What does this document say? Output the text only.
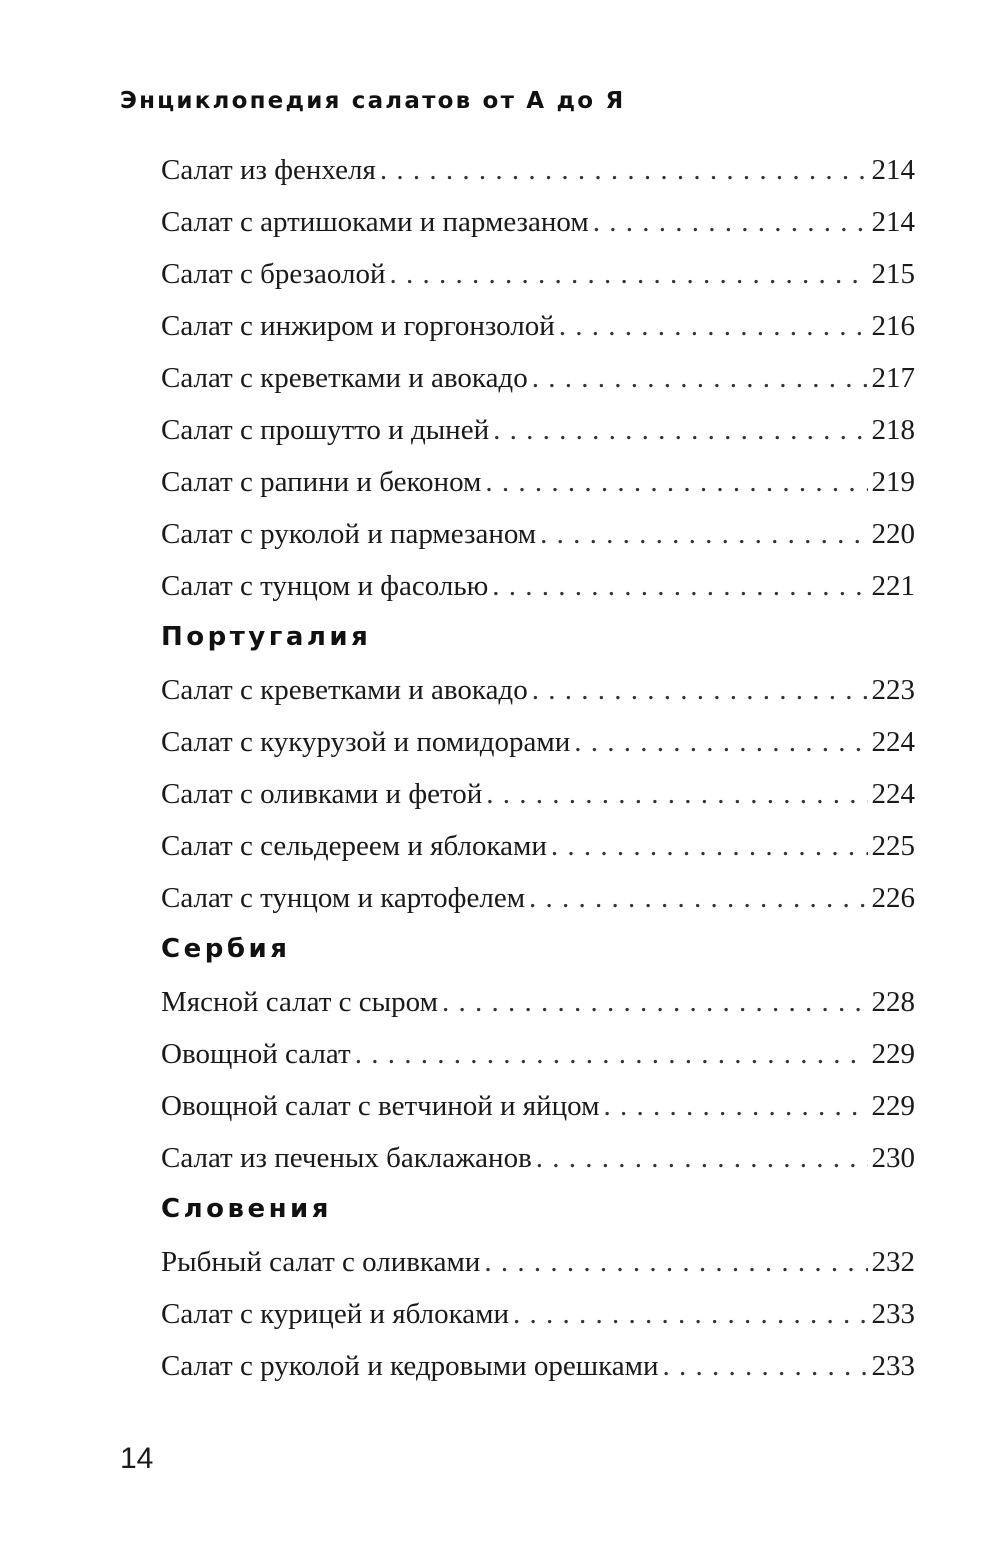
Энциклопедия салатов от А до Я
Салат из фенхеля . . .	214
Салат с артишоками и пармезаном . . .	214
Салат с брезаолой . . .	215
Салат с инжиром и горгонзолой . . .	216
Салат с креветками и авокадо . . .	217
Салат с прошутто и дыней . . .	218
Салат с рапини и беконом . . .	219
Салат с руколой и пармезаном . . .	220
Салат с тунцом и фасолью . . .	221
Португалия
Салат с креветками и авокадо . . .	223
Салат с кукурузой и помидорами . . .	224
Салат с оливками и фетой . . .	224
Салат с сельдереем и яблоками . . .	225
Салат с тунцом и картофелем . . .	226
Сербия
Мясной салат с сыром . . .	228
Овощной салат . . .	229
Овощной салат с ветчиной и яйцом . . .	229
Салат из печеных баклажанов . . .	230
Словения
Рыбный салат с оливками . . .	232
Салат с курицей и яблоками . . .	233
Салат с руколой и кедровыми орешками . . .	233
14
